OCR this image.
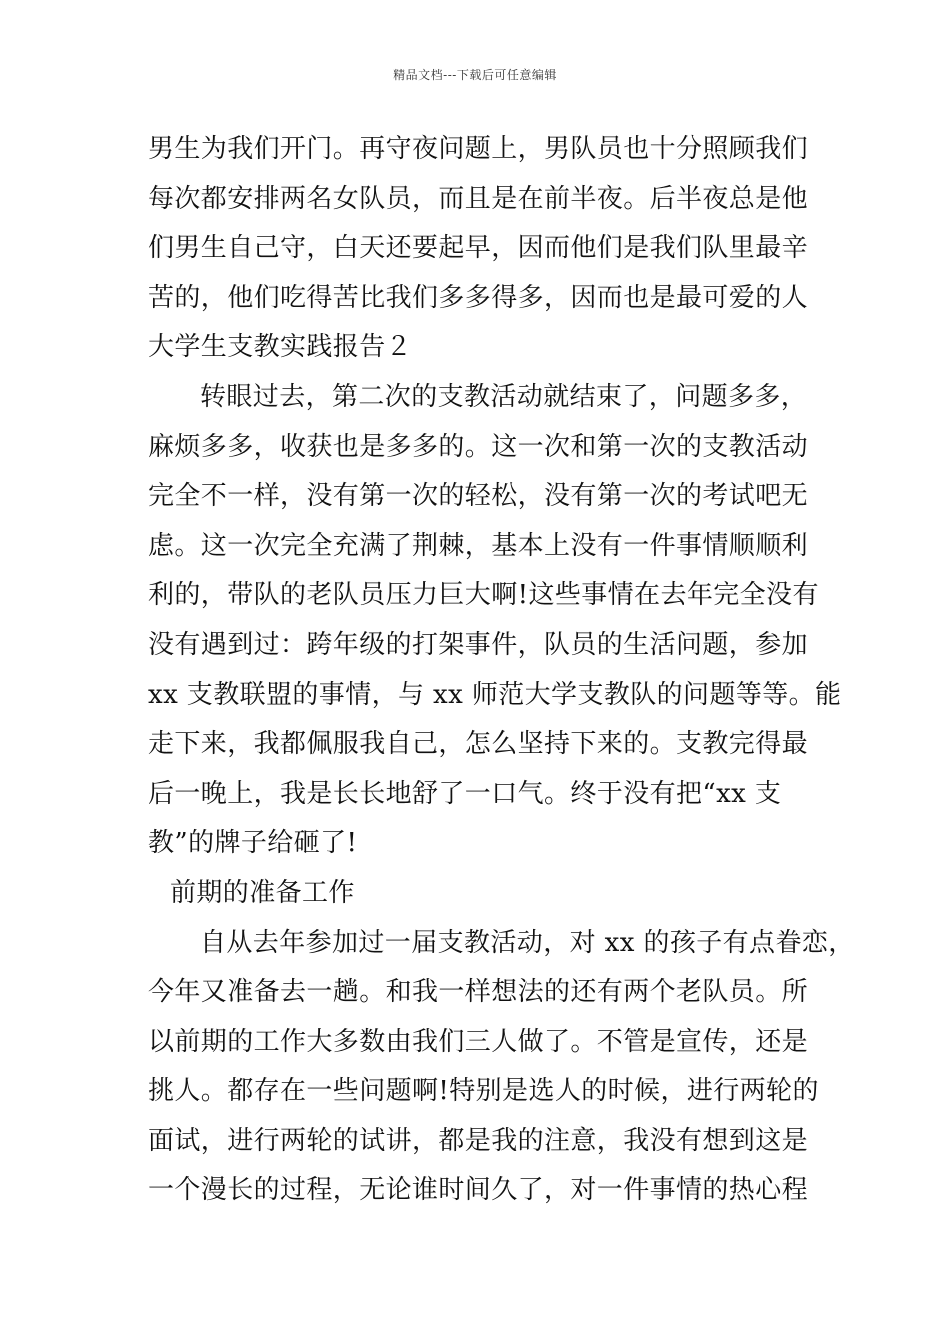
精品文档---下载后可任意编辑
男生为我们开门。再守夜问题上，男队员也十分照顾我们
每次都安排两名女队员，而且是在前半夜。后半夜总是他
们男生自己守，白天还要起早，因而他们是我们队里最辛
苦的，他们吃得苦比我们多多得多，因而也是最可爱的人
大学生支教实践报告２
转眼过去，第二次的支教活动就结束了，问题多多，
麻烦多多，收获也是多多的。这一次和第一次的支教活动
完全不一样，没有第一次的轻松，没有第一次的考试吧无
虑。这一次完全充满了荆棘，基本上没有一件事情顺顺利
利的，带队的老队员压力巨大啊!这些事情在去年完全没有
没有遇到过：跨年级的打架事件，队员的生活问题，参加
xx 支教联盟的事情，与 xx 师范大学支教队的问题等等。能
走下来，我都佩服我自己，怎么坚持下来的。支教完得最
后一晚上，我是长长地舒了一口气。终于没有把“xx 支
教”的牌子给砸了!
前期的准备工作
自从去年参加过一届支教活动，对 xx 的孩子有点眷恋，
今年又准备去一趟。和我一样想法的还有两个老队员。所
以前期的工作大多数由我们三人做了。不管是宣传，还是
挑人。都存在一些问题啊!特别是选人的时候，进行两轮的
面试，进行两轮的试讲，都是我的注意，我没有想到这是
一个漫长的过程，无论谁时间久了，对一件事情的热心程
